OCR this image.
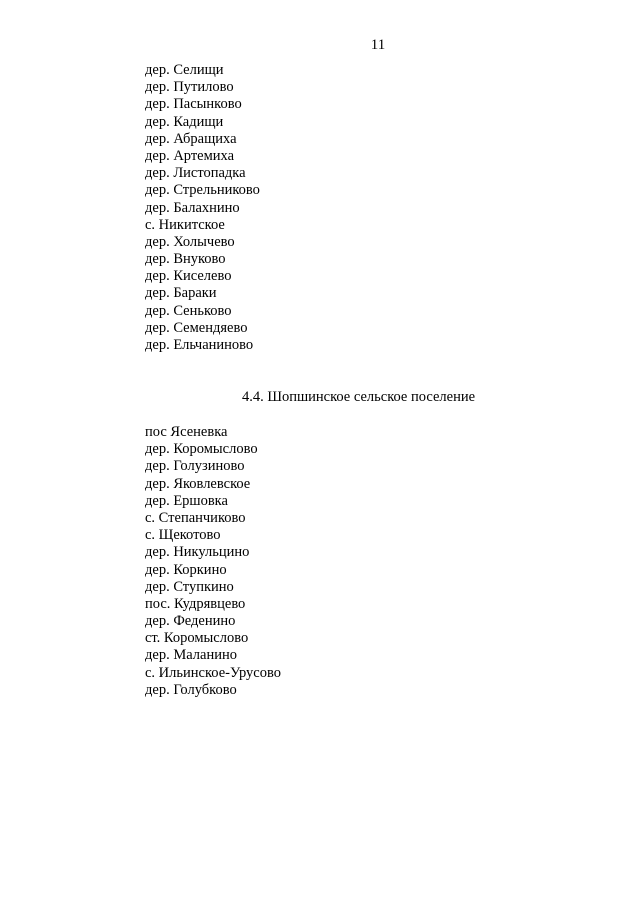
11
дер. Селищи
дер. Путилово
дер. Пасынково
дер. Кадищи
дер. Абращиха
дер. Артемиха
дер. Листопадка
дер. Стрельниково
дер. Балахнино
с. Никитское
дер. Холычево
дер. Внуково
дер. Киселево
дер. Бараки
дер. Сеньково
дер. Семендяево
дер. Ельчаниново
4.4. Шопшинское сельское поселение
пос Ясеневка
дер. Коромыслово
дер. Голузиново
дер. Яковлевское
дер. Ершовка
с. Степанчиково
с. Щекотово
дер. Никульцино
дер. Коркино
дер. Ступкино
пос. Кудрявцево
дер. Феденино
ст. Коромыслово
дер. Маланино
с. Ильинское-Урусово
дер. Голубково
